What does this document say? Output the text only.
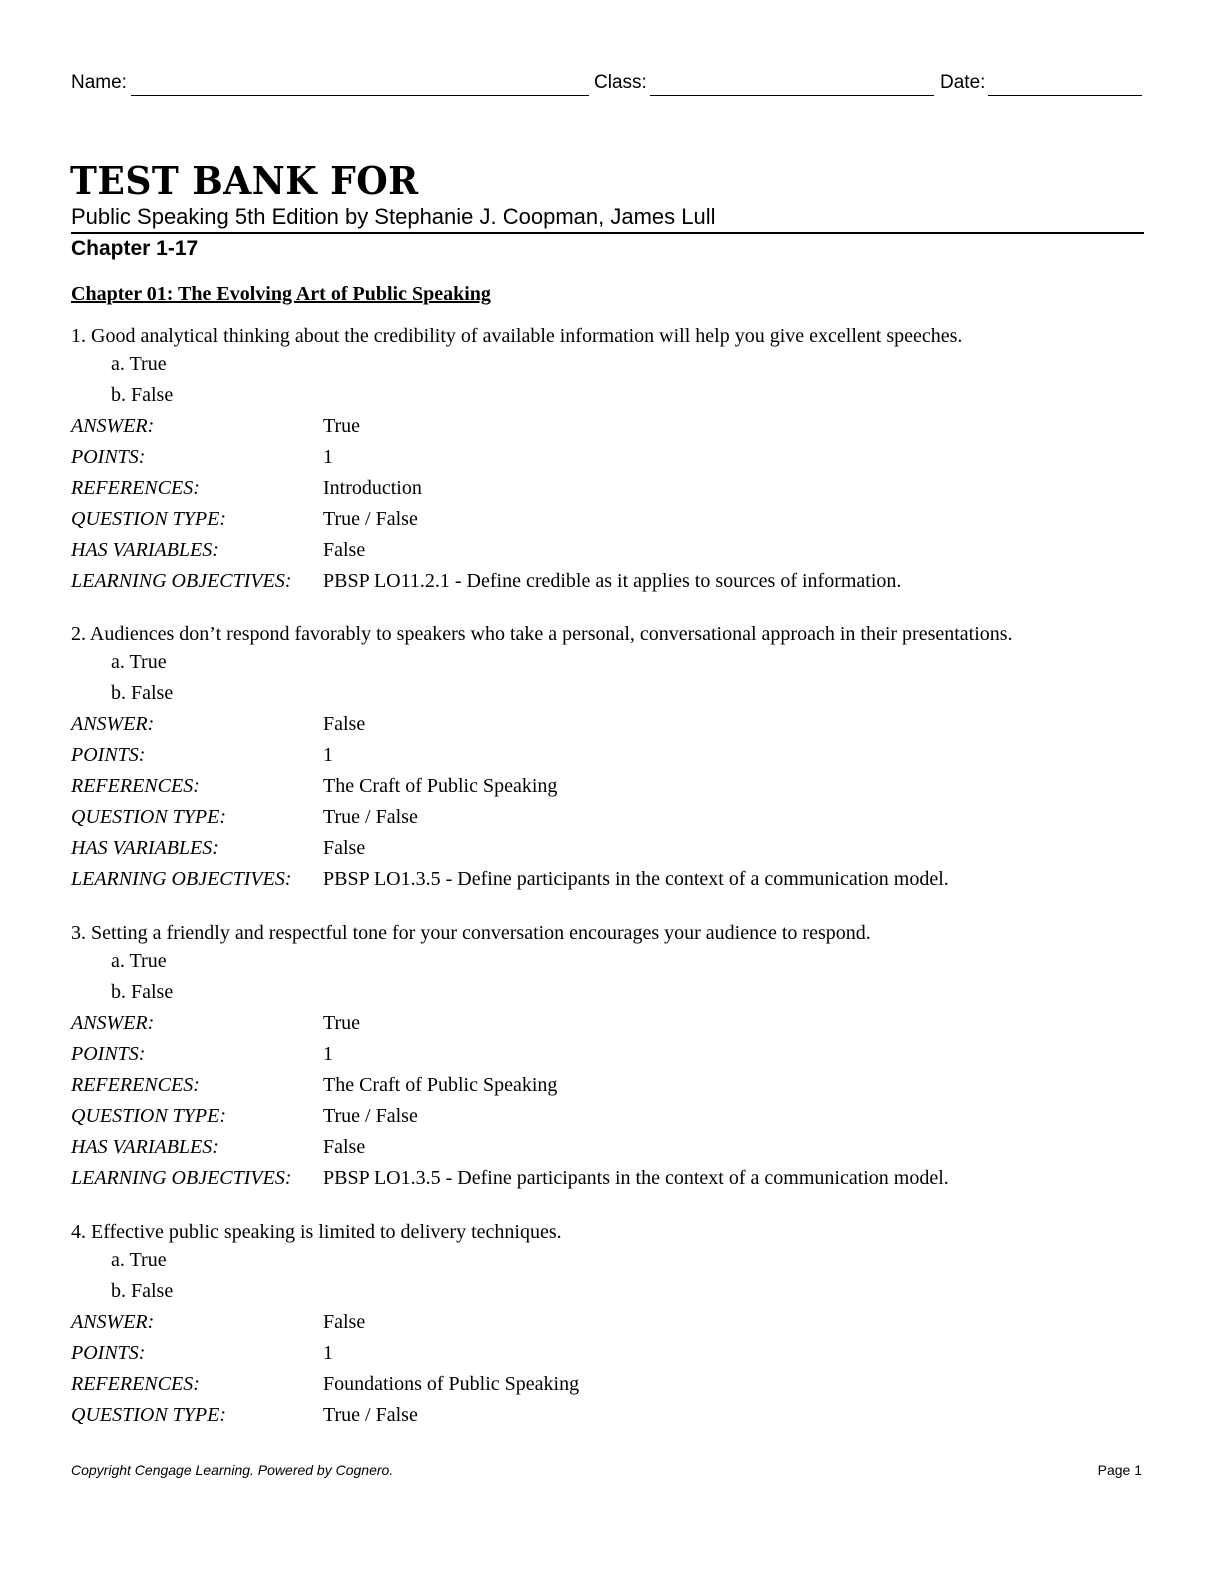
Name:	Class:	Date:
TEST BANK FOR
Public Speaking 5th Edition by Stephanie J. Coopman, James Lull
Chapter 1-17
Chapter 01: The Evolving Art of Public Speaking
1. Good analytical thinking about the credibility of available information will help you give excellent speeches.
a. True
b. False
ANSWER:	True
POINTS:	1
REFERENCES:	Introduction
QUESTION TYPE:	True / False
HAS VARIABLES:	False
LEARNING OBJECTIVES:	PBSP LO11.2.1 - Define credible as it applies to sources of information.
2. Audiences don’t respond favorably to speakers who take a personal, conversational approach in their presentations.
a. True
b. False
ANSWER:	False
POINTS:	1
REFERENCES:	The Craft of Public Speaking
QUESTION TYPE:	True / False
HAS VARIABLES:	False
LEARNING OBJECTIVES:	PBSP LO1.3.5 - Define participants in the context of a communication model.
3. Setting a friendly and respectful tone for your conversation encourages your audience to respond.
a. True
b. False
ANSWER:	True
POINTS:	1
REFERENCES:	The Craft of Public Speaking
QUESTION TYPE:	True / False
HAS VARIABLES:	False
LEARNING OBJECTIVES:	PBSP LO1.3.5 - Define participants in the context of a communication model.
4. Effective public speaking is limited to delivery techniques.
a. True
b. False
ANSWER:	False
POINTS:	1
REFERENCES:	Foundations of Public Speaking
QUESTION TYPE:	True / False
Copyright Cengage Learning. Powered by Cognero.	Page 1
